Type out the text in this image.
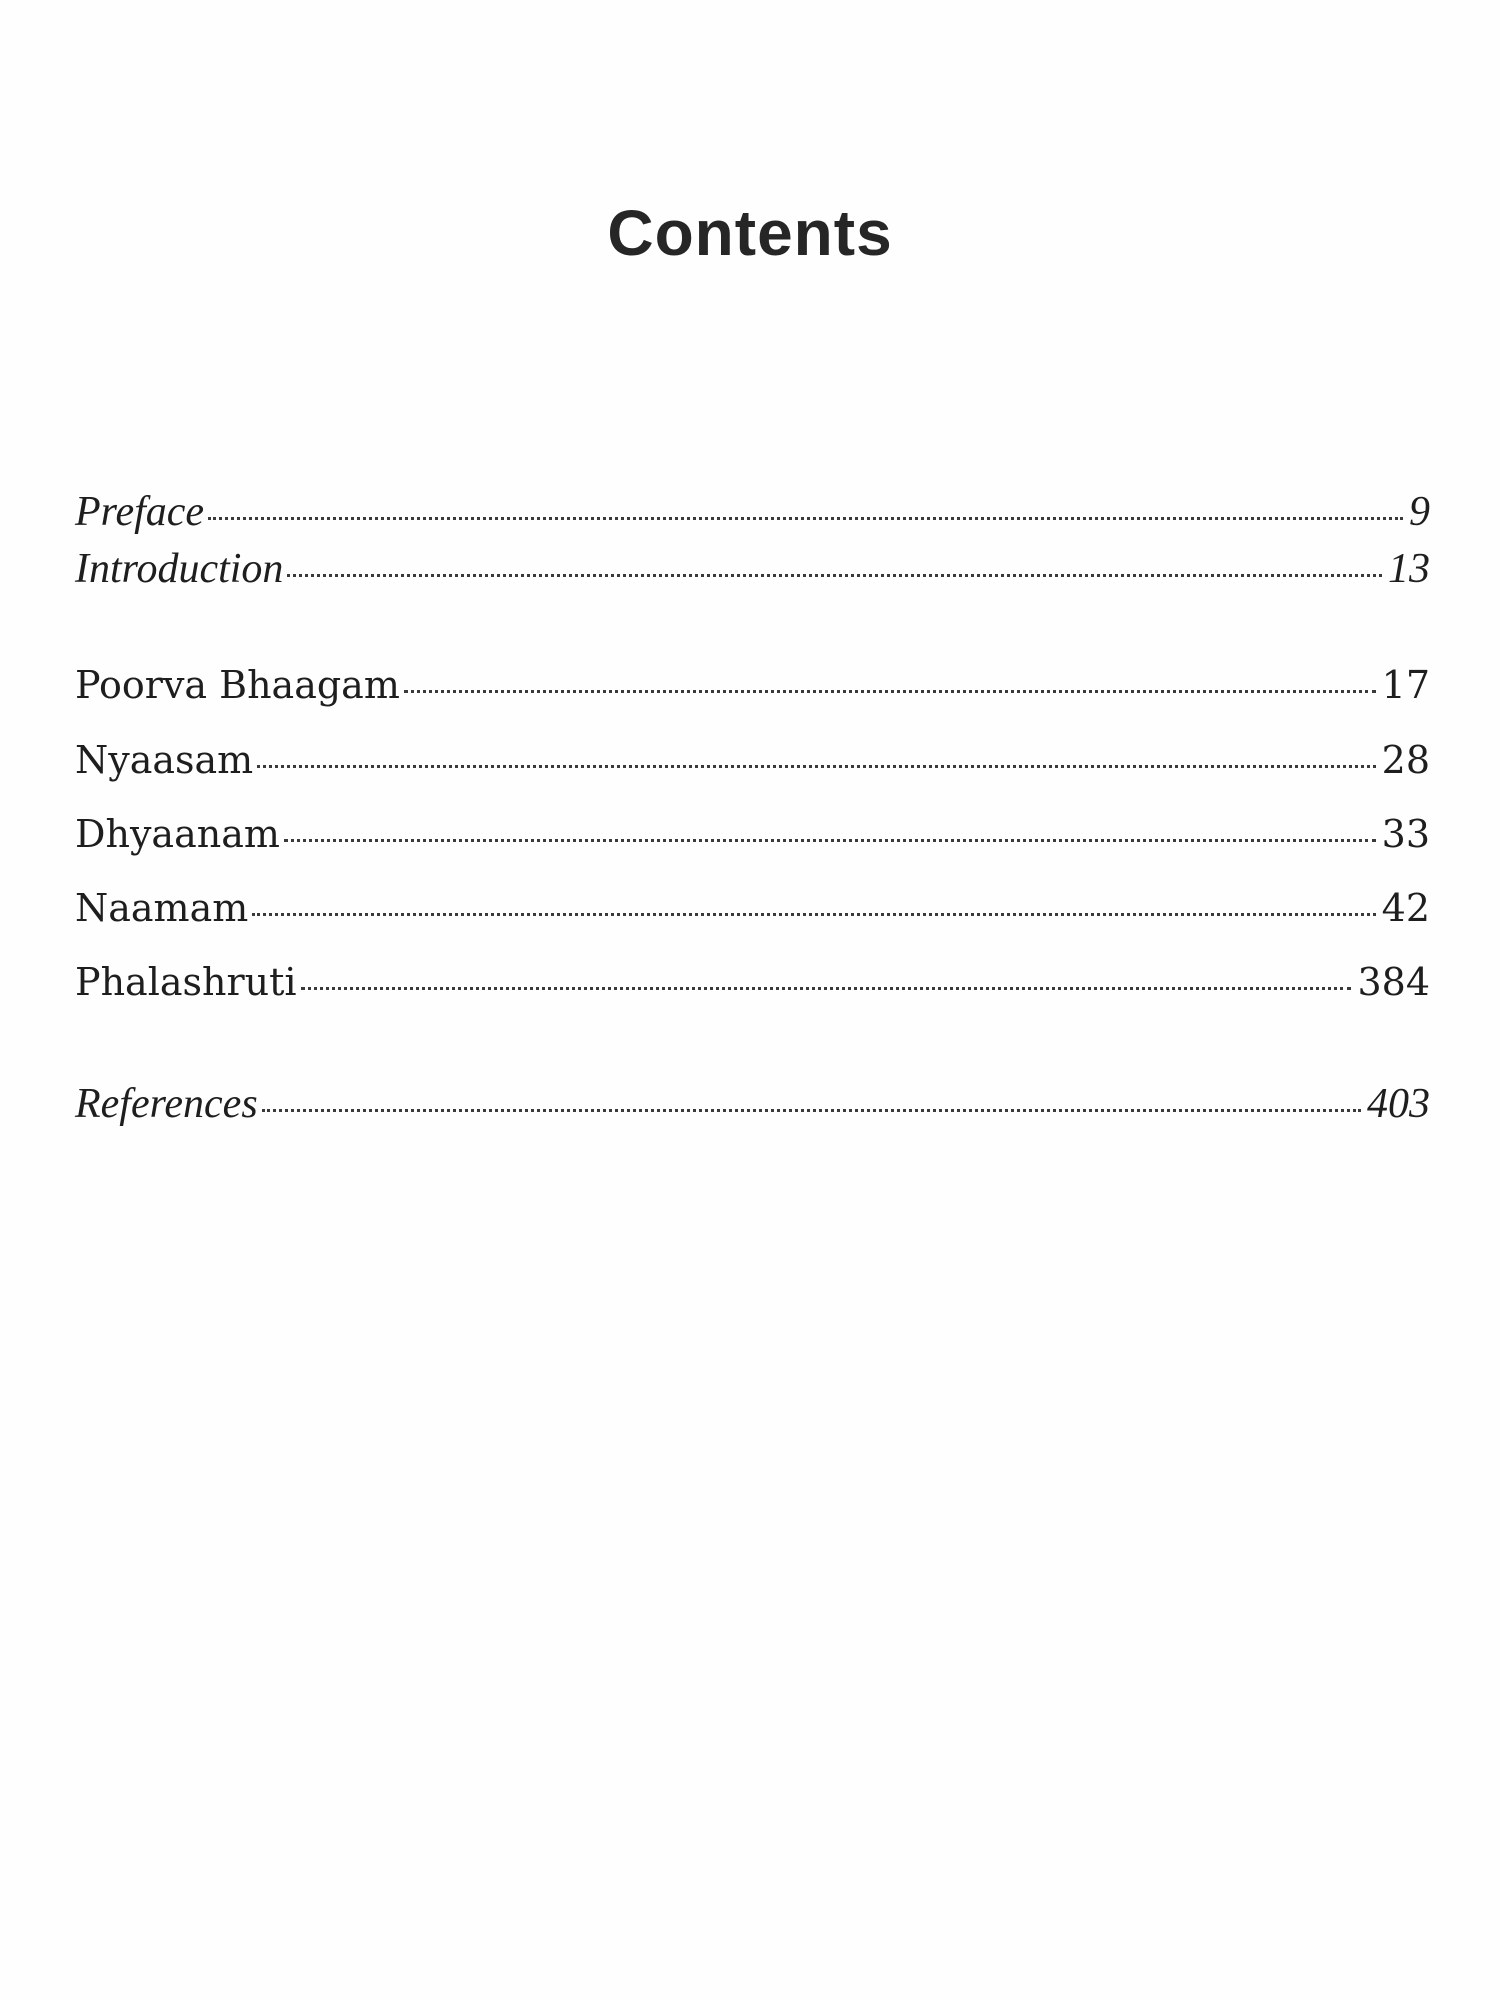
Contents
Preface	9
Introduction	13
Poorva Bhaagam	17
Nyaasam	28
Dhyaanam	33
Naamam	42
Phalashruti	384
References	403
